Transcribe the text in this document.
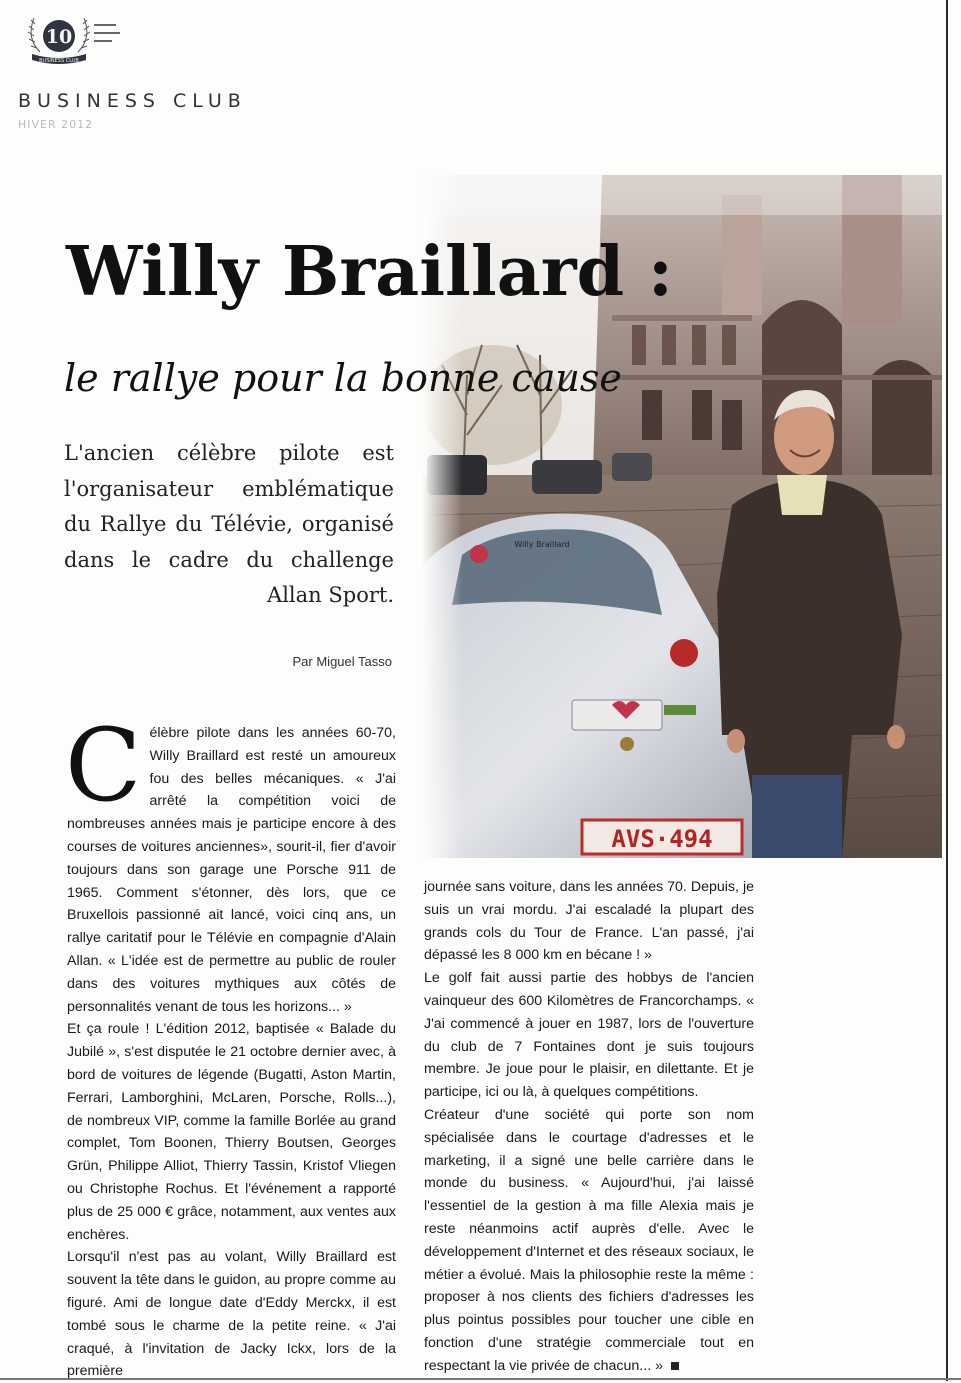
10
BUSINESS CLUB
BUSINESS CLUB
HIVER 2012
Willy Braillard
AVS·494
Willy Braillard :
le rallye pour la bonne cause
L'ancien célèbre pilote est l'organisateur emblématique du Rallye du Télévie, organisé dans le cadre du challenge Allan Sport.
Par Miguel Tasso

Célèbre pilote dans les années 60-70, Willy Braillard est resté un amoureux fou des belles mécaniques. « J'ai arrêté la compétition voici de nombreuses années mais je participe encore à des courses de voitures anciennes», sourit-il, fier d'avoir toujours dans son garage une Porsche 911 de 1965. Comment s'étonner, dès lors, que ce Bruxellois passionné ait lancé, voici cinq ans, un rallye caritatif pour le Télévie en compagnie d'Alain Allan. « L'idée est de permettre au public de rouler dans des voitures mythiques aux côtés de personnalités venant de tous les horizons... »

Et ça roule ! L'édition 2012, baptisée « Balade du Jubilé », s'est disputée le 21 octobre dernier avec, à bord de voitures de légende (Bugatti, Aston Martin, Ferrari, Lamborghini, McLaren, Porsche, Rolls...), de nombreux VIP, comme la famille Borlée au grand complet, Tom Boonen, Thierry Boutsen, Georges Grün, Philippe Alliot, Thierry Tassin, Kristof Vliegen ou Christophe Rochus. Et l'événement a rapporté plus de 25 000 € grâce, notamment, aux ventes aux enchères.

Lorsqu'il n'est pas au volant, Willy Braillard est souvent la tête dans le guidon, au propre comme au figuré. Ami de longue date d'Eddy Merckx, il est tombé sous le charme de la petite reine. « J'ai craqué, à l'invitation de Jacky Ickx, lors de la première

journée sans voiture, dans les années 70. Depuis, je suis un vrai mordu. J'ai escaladé la plupart des grands cols du Tour de France. L'an passé, j'ai dépassé les 8 000 km en bécane ! »

Le golf fait aussi partie des hobbys de l'ancien vainqueur des 600 Kilomètres de Francorchamps. « J'ai commencé à jouer en 1987, lors de l'ouverture du club de 7 Fontaines dont je suis toujours membre. Je joue pour le plaisir, en dilettante. Et je participe, ici ou là, à quelques compétitions.

Créateur d'une société qui porte son nom spécialisée dans le courtage d'adresses et le marketing, il a signé une belle carrière dans le monde du business. « Aujourd'hui, j'ai laissé l'essentiel de la gestion à ma fille Alexia mais je reste néanmoins actif auprès d'elle. Avec le développement d'Internet et des réseaux sociaux, le métier a évolué. Mais la philosophie reste la même : proposer à nos clients des fichiers d'adresses les plus pointus possibles pour toucher une cible en fonction d'une stratégie commerciale tout en respectant la vie privée de chacun... »
